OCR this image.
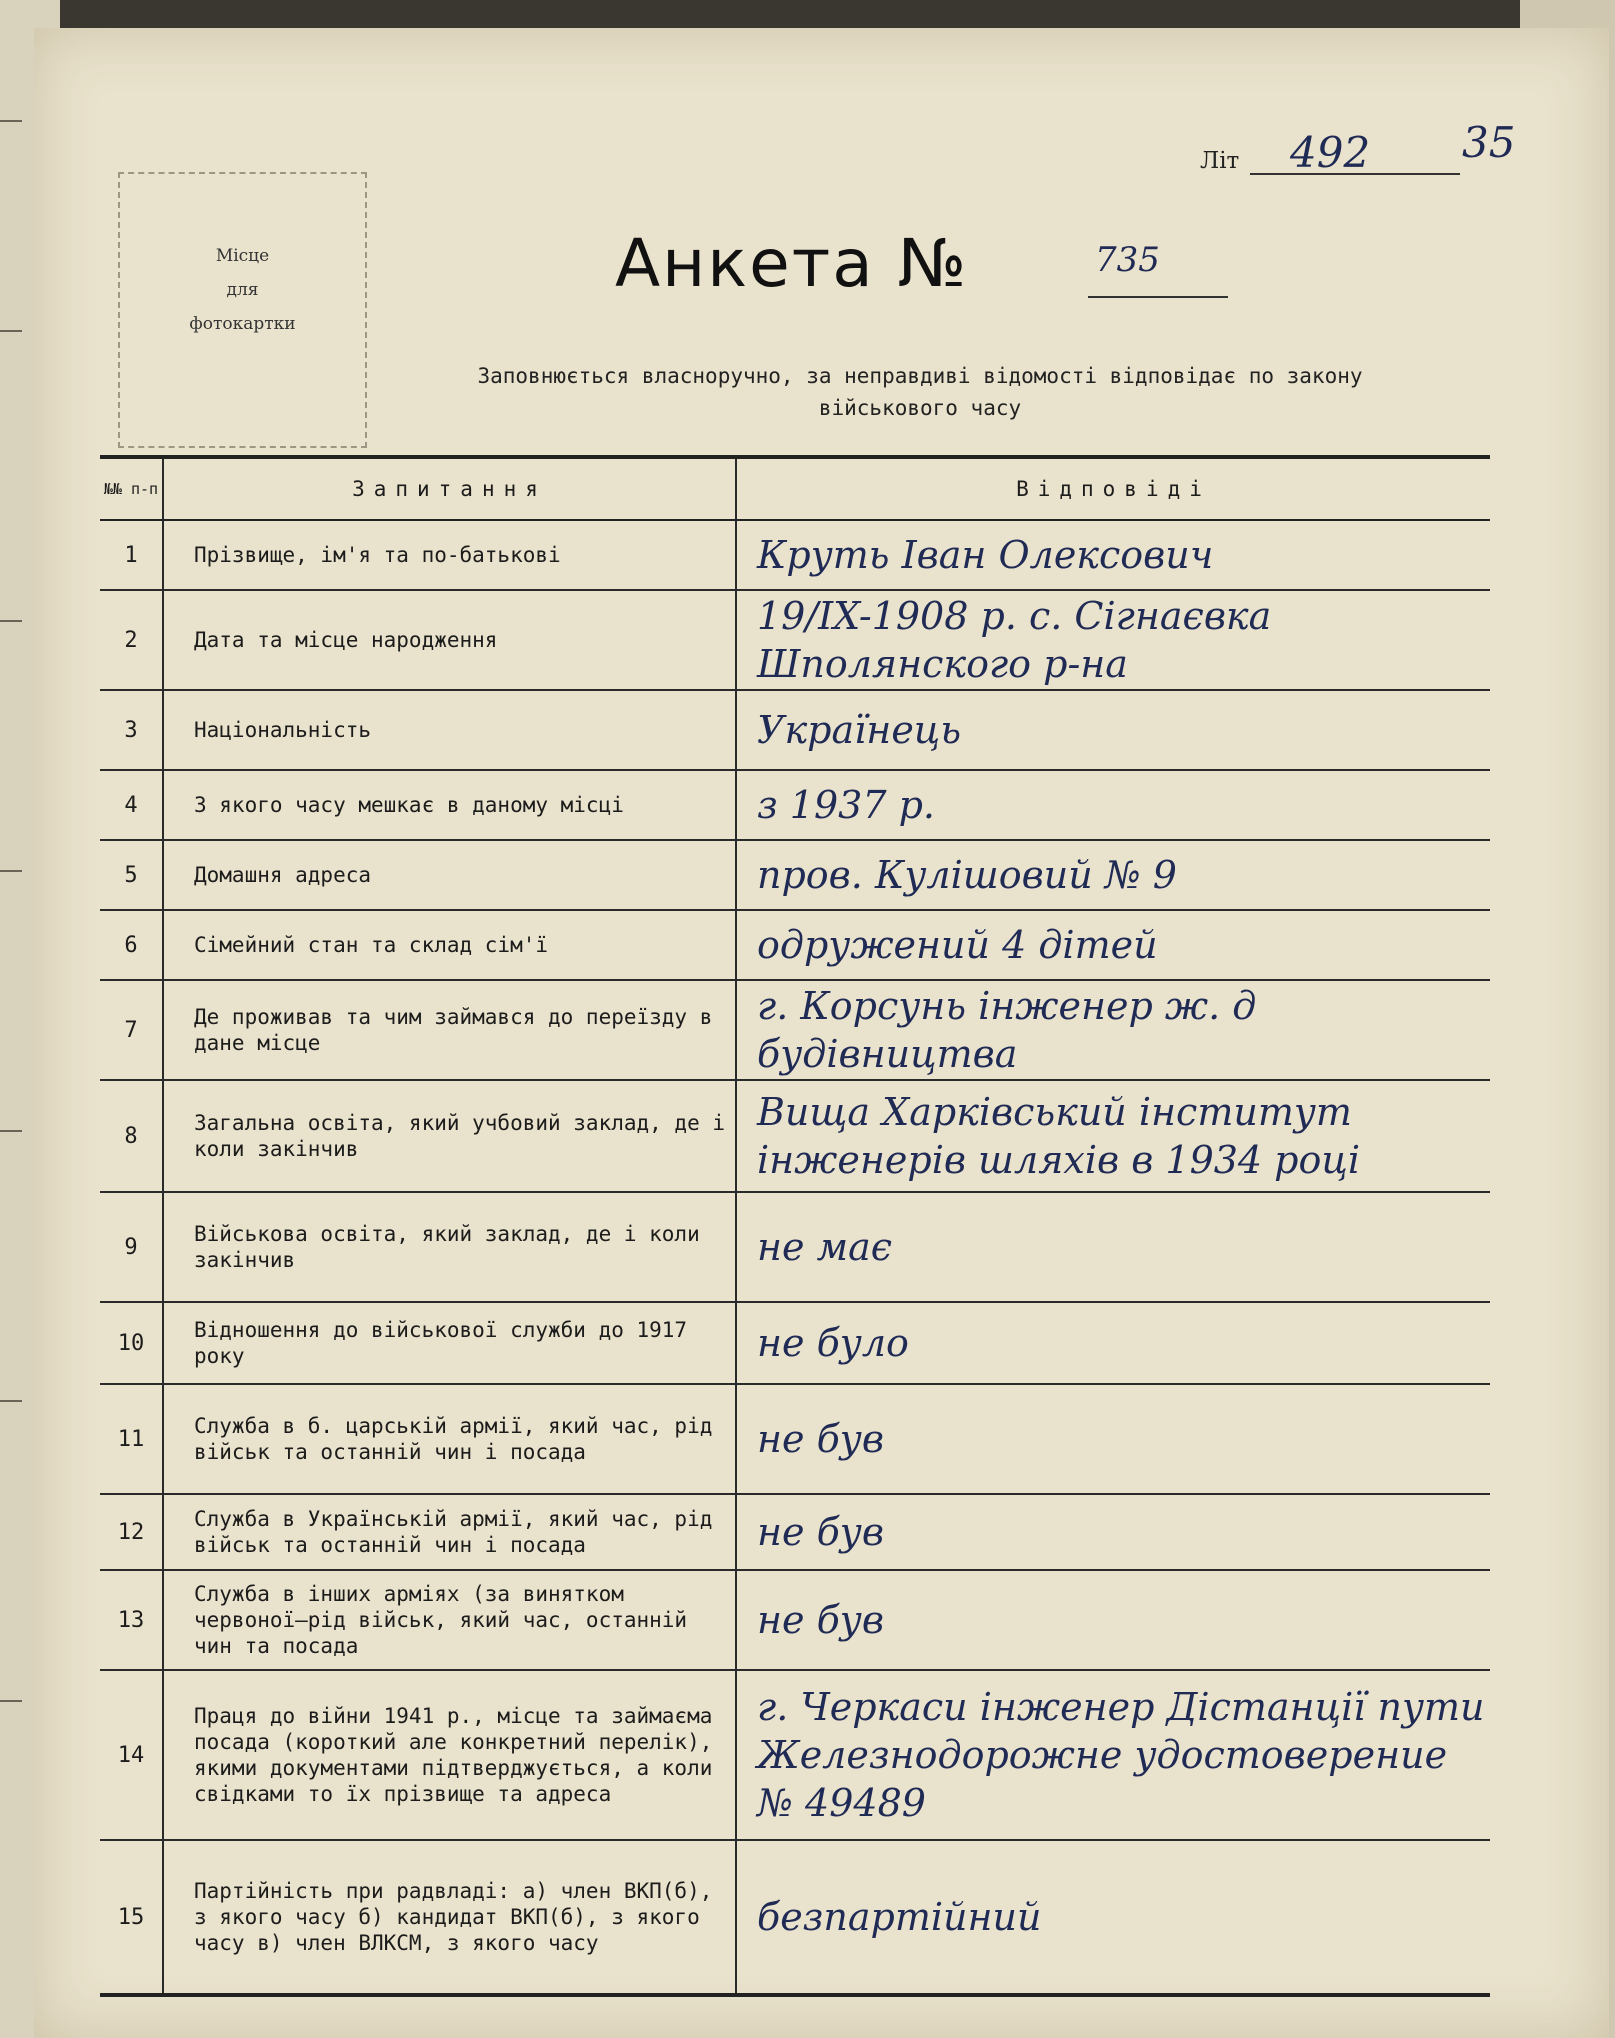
Літ 492 35
Місце
для
фотокартки
Анкета №	735
Заповнюється власноручно, за неправдиві відомості відповідає по закону
військового часу
№№ п-п	Запитання	Відповіді
1	Прізвище, ім'я та по-батькові	Круть Іван Олексович
2	Дата та місце народження	19/IX-1908 р. с. Сігнаєвка Шполянского р-на
3	Національність	Українець
4	З якого часу мешкає в даному місці	з 1937 р.
5	Домашня адреса	пров. Кулішовий № 9
6	Сімейний стан та склад сім'ї	одружений 4 дітей
7	Де проживав та чим займався до переїзду в дане місце	г. Корсунь інженер ж. д будівництва
8	Загальна освіта, який учбовий заклад, де і коли закінчив	Вища Харківський інститут інженерів шляхів в 1934 році
9	Військова освіта, який заклад, де і коли закінчив	не має
10	Відношення до військової служби до 1917 року	не було
11	Служба в б. царській армії, який час, рід військ та останній чин і посада	не був
12	Служба в Українській армії, який час, рід військ та останній чин і посада	не був
13	Служба в інших арміях (за винятком червоної—рід військ, який час, останній чин та посада	не був
14	Праця до війни 1941 р., місце та займаєма посада (короткий але конкретний перелік), якими документами підтверджується, а коли свідками то їх прізвище та адреса	г. Черкаси інженер Дістанції пути Железнодорожне удостоверение № 49489
15	Партійність при радвладі: а) член ВКП(б), з якого часу б) кандидат ВКП(б), з якого часу в) член ВЛКСМ, з якого часу	безпартійний
